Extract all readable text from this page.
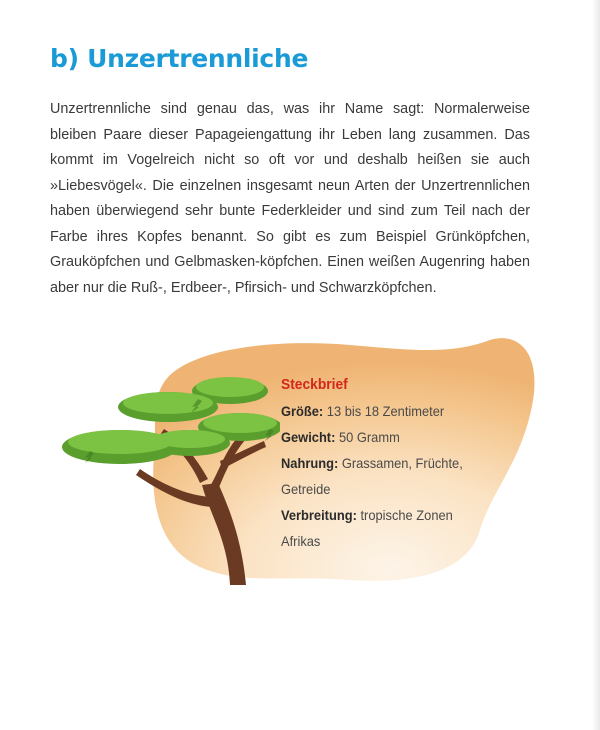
b) Unzertrennliche
Unzertrennliche sind genau das, was ihr Name sagt: Normalerweise bleiben Paare dieser Papageiengattung ihr Leben lang zusammen. Das kommt im Vogelreich nicht so oft vor und deshalb heißen sie auch »Liebesvögel«. Die einzelnen insgesamt neun Arten der Unzertrennlichen haben überwiegend sehr bunte Federkleider und sind zum Teil nach der Farbe ihres Kopfes benannt. So gibt es zum Beispiel Grünköpfchen, Grauköpfchen und Gelbmasken-köpfchen. Einen weißen Augenring haben aber nur die Ruß-, Erdbeer-, Pfirsich- und Schwarzköpfchen.
Steckbrief
Größe: 13 bis 18 Zentimeter
Gewicht: 50 Gramm
Nahrung: Grassamen, Früchte, Getreide
Verbreitung: tropische Zonen Afrikas
